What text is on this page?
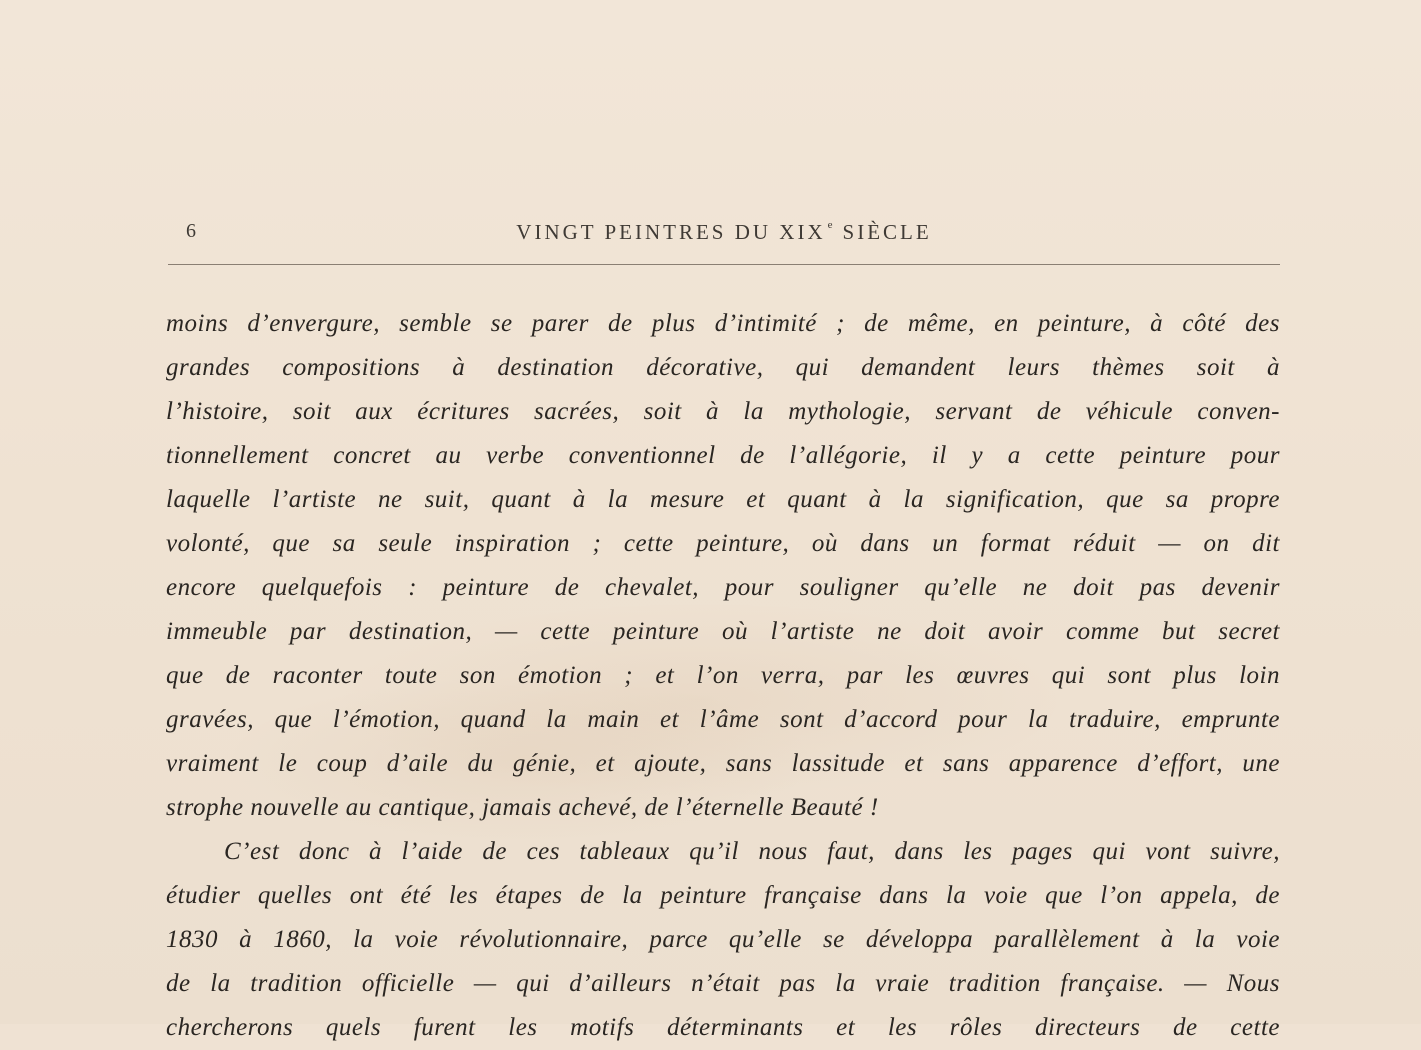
6	VINGT PEINTRES DU XIX $^e$ SIÈCLE
moins d’envergure, semble se parer de plus d’intimité ; de même, en peinture, à côté des
grandes compositions à destination décorative, qui demandent leurs thèmes soit à
l’histoire, soit aux écritures sacrées, soit à la mythologie, servant de véhicule conven-
tionnellement concret au verbe conventionnel de l’allégorie, il y a cette peinture pour
laquelle l’artiste ne suit, quant à la mesure et quant à la signification, que sa propre
volonté, que sa seule inspiration ; cette peinture, où dans un format réduit — on dit
encore quelquefois : peinture de chevalet, pour souligner qu’elle ne doit pas devenir
immeuble par destination, — cette peinture où l’artiste ne doit avoir comme but secret
que de raconter toute son émotion ; et l’on verra, par les œuvres qui sont plus loin
gravées, que l’émotion, quand la main et l’âme sont d’accord pour la traduire, emprunte
vraiment le coup d’aile du génie, et ajoute, sans lassitude et sans apparence d’effort, une
strophe nouvelle au cantique, jamais achevé, de l’éternelle Beauté !
C’est donc à l’aide de ces tableaux qu’il nous faut, dans les pages qui vont suivre,
étudier quelles ont été les étapes de la peinture française dans la voie que l’on appela, de
1830 à 1860, la voie révolutionnaire, parce qu’elle se développa parallèlement à la voie
de la tradition officielle — qui d’ailleurs n’était pas la vraie tradition française. — Nous
chercherons quels furent les motifs déterminants et les rôles directeurs de cette
